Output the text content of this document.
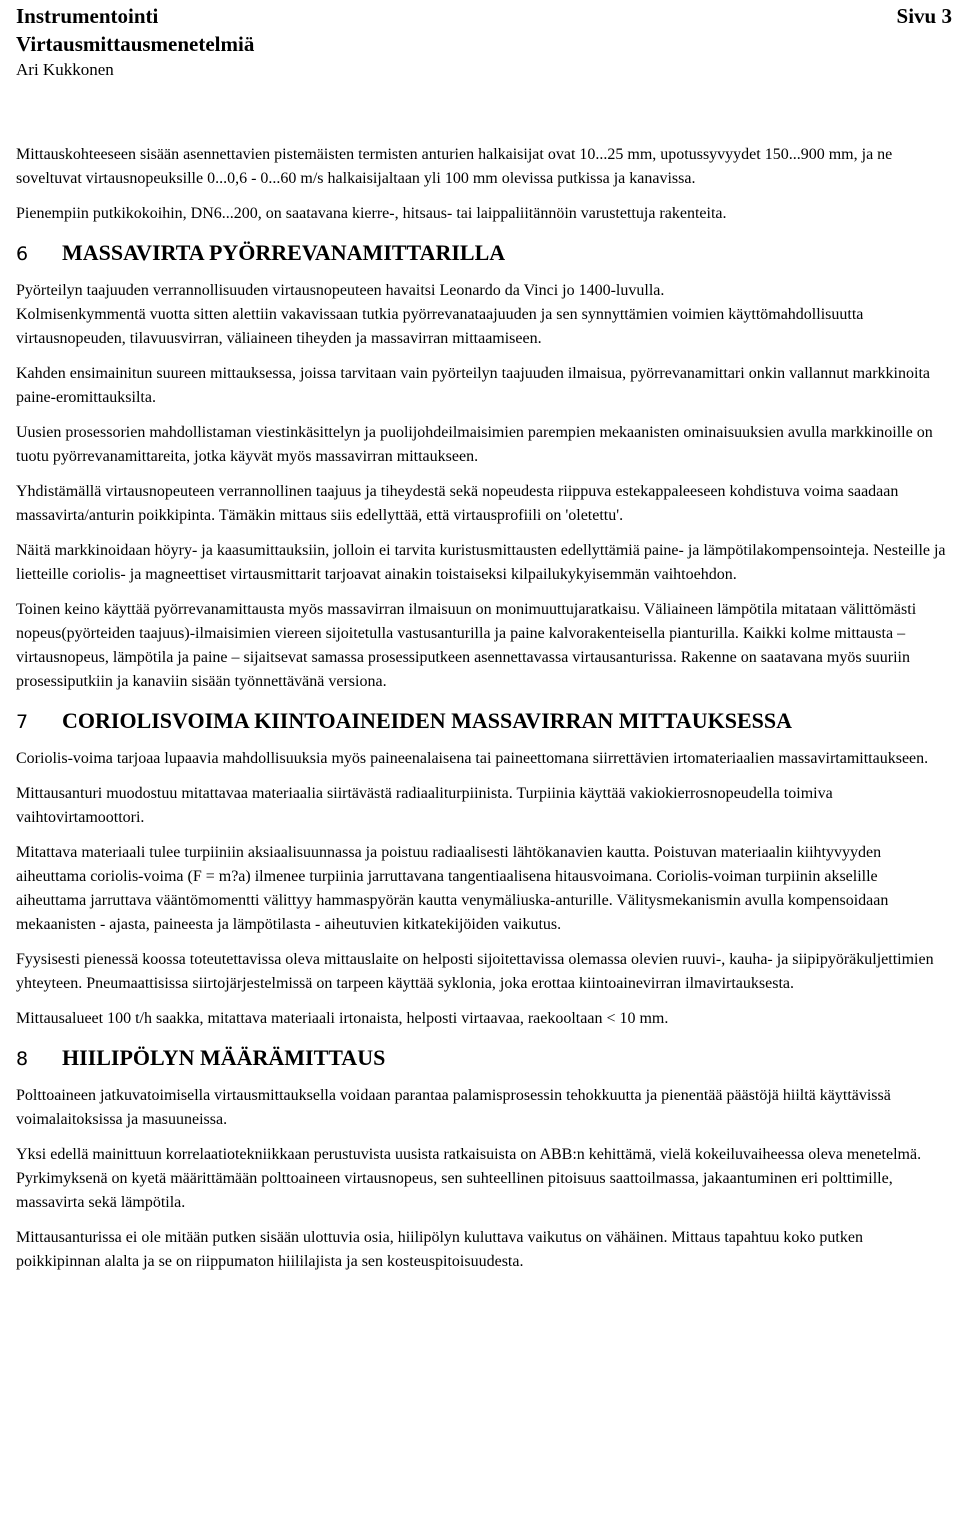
Instrumentointi
Virtausmittausmenetelmiä
Ari Kukkonen
Sivu 3

Mittauskohteeseen sisään asennettavien pistemäisten termisten anturien halkaisijat ovat 10...25 mm, upotussyvyydet 150...900 mm, ja ne soveltuvat virtausnopeuksille 0...0,6 - 0...60 m/s halkaisijaltaan yli 100 mm olevissa putkissa ja kanavissa.

Pienempiin putkikokoihin, DN6...200, on saatavana kierre-, hitsaus- tai laippaliitännöin varustettuja rakenteita.

6	MASSAVIRTA PYÖRREVANAMITTARILLA

Pyörteilyn taajuuden verrannollisuuden virtausnopeuteen havaitsi Leonardo da Vinci jo 1400-luvulla.

Kolmisenkymmentä vuotta sitten alettiin vakavissaan tutkia pyörrevanataajuuden ja sen synnyttämien voimien käyttömahdollisuutta virtausnopeuden, tilavuusvirran, väliaineen tiheyden ja massavirran mittaamiseen.

Kahden ensimainitun suureen mittauksessa, joissa tarvitaan vain pyörteilyn taajuuden ilmaisua, pyörrevanamittari onkin vallannut markkinoita paine-eromittauksilta.

Uusien prosessorien mahdollistaman viestinkäsittelyn ja puolijohdeilmaisimien parempien mekaanisten ominaisuuksien avulla markkinoille on tuotu pyörrevanamittareita, jotka käyvät myös massavirran mittaukseen.

Yhdistämällä virtausnopeuteen verrannollinen taajuus ja tiheydestä sekä nopeudesta riippuva estekappaleeseen kohdistuva voima saadaan massavirta/anturin poikkipinta. Tämäkin mittaus siis edellyttää, että virtausprofiili on 'oletettu'.

Näitä markkinoidaan höyry- ja kaasumittauksiin, jolloin ei tarvita kuristusmittausten edellyttämiä paine- ja lämpötilakompensointeja. Nesteille ja lietteille coriolis- ja magneettiset virtausmittarit tarjoavat ainakin toistaiseksi kilpailukykyisemmän vaihtoehdon.

Toinen keino käyttää pyörrevanamittausta myös massavirran ilmaisuun on monimuuttujaratkaisu. Väliaineen lämpötila mitataan välittömästi nopeus(pyörteiden taajuus)-ilmaisimien viereen sijoitetulla vastusanturilla ja paine kalvorakenteisella pianturilla. Kaikki kolme mittausta – virtausnopeus, lämpötila ja paine – sijaitsevat samassa prosessiputkeen asennettavassa virtausanturissa. Rakenne on saatavana myös suuriin prosessiputkiin ja kanaviin sisään työnnettävänä versiona.

7	CORIOLISVOIMA KIINTOAINEIDEN MASSAVIRRAN MITTAUKSESSA

Coriolis-voima tarjoaa lupaavia mahdollisuuksia myös paineenalaisena tai paineettomana siirrettävien irtomateriaalien massavirtamittaukseen.

Mittausanturi muodostuu mitattavaa materiaalia siirtävästä radiaaliturpiinista. Turpiinia käyttää vakiokierrosnopeudella toimiva vaihtovirtamoottori.

Mitattava materiaali tulee turpiiniin aksiaalisuunnassa ja poistuu radiaalisesti lähtökanavien kautta. Poistuvan materiaalin kiihtyvyyden aiheuttama coriolis-voima (F = m?a) ilmenee turpiinia jarruttavana tangentiaalisena hitausvoimana. Coriolis-voiman turpiinin akselille aiheuttama jarruttava vääntömomentti välittyy hammaspyörän kautta venymäliuska-anturille. Välitysmekanismin avulla kompensoidaan mekaanisten - ajasta, paineesta ja lämpötilasta - aiheutuvien kitkatekijöiden vaikutus.

Fyysisesti pienessä koossa toteutettavissa oleva mittauslaite on helposti sijoitettavissa olemassa olevien ruuvi-, kauha- ja siipipyöräkuljettimien yhteyteen. Pneumaattisissa siirtojärjestelmissä on tarpeen käyttää syklonia, joka erottaa kiintoainevirran ilmavirtauksesta.

Mittausalueet 100 t/h saakka, mitattava materiaali irtonaista, helposti virtaavaa, raekooltaan < 10 mm.

8	HIILIPÖLYN MÄÄRÄMITTAUS

Polttoaineen jatkuvatoimisella virtausmittauksella voidaan parantaa palamisprosessin tehokkuutta ja pienentää päästöjä hiiltä käyttävissä voimalaitoksissa ja masuuneissa.

Yksi edellä mainittuun korrelaatiotekniikkaan perustuvista uusista ratkaisuista on ABB:n kehittämä, vielä kokeiluvaiheessa oleva menetelmä. Pyrkimyksenä on kyetä määrittämään polttoaineen virtausnopeus, sen suhteellinen pitoisuus saattoilmassa, jakaantuminen eri polttimille, massavirta sekä lämpötila.

Mittausanturissa ei ole mitään putken sisään ulottuvia osia, hiilipölyn kuluttava vaikutus on vähäinen. Mittaus tapahtuu koko putken poikkipinnan alalta ja se on riippumaton hiililajista ja sen kosteuspitoisuudesta.
